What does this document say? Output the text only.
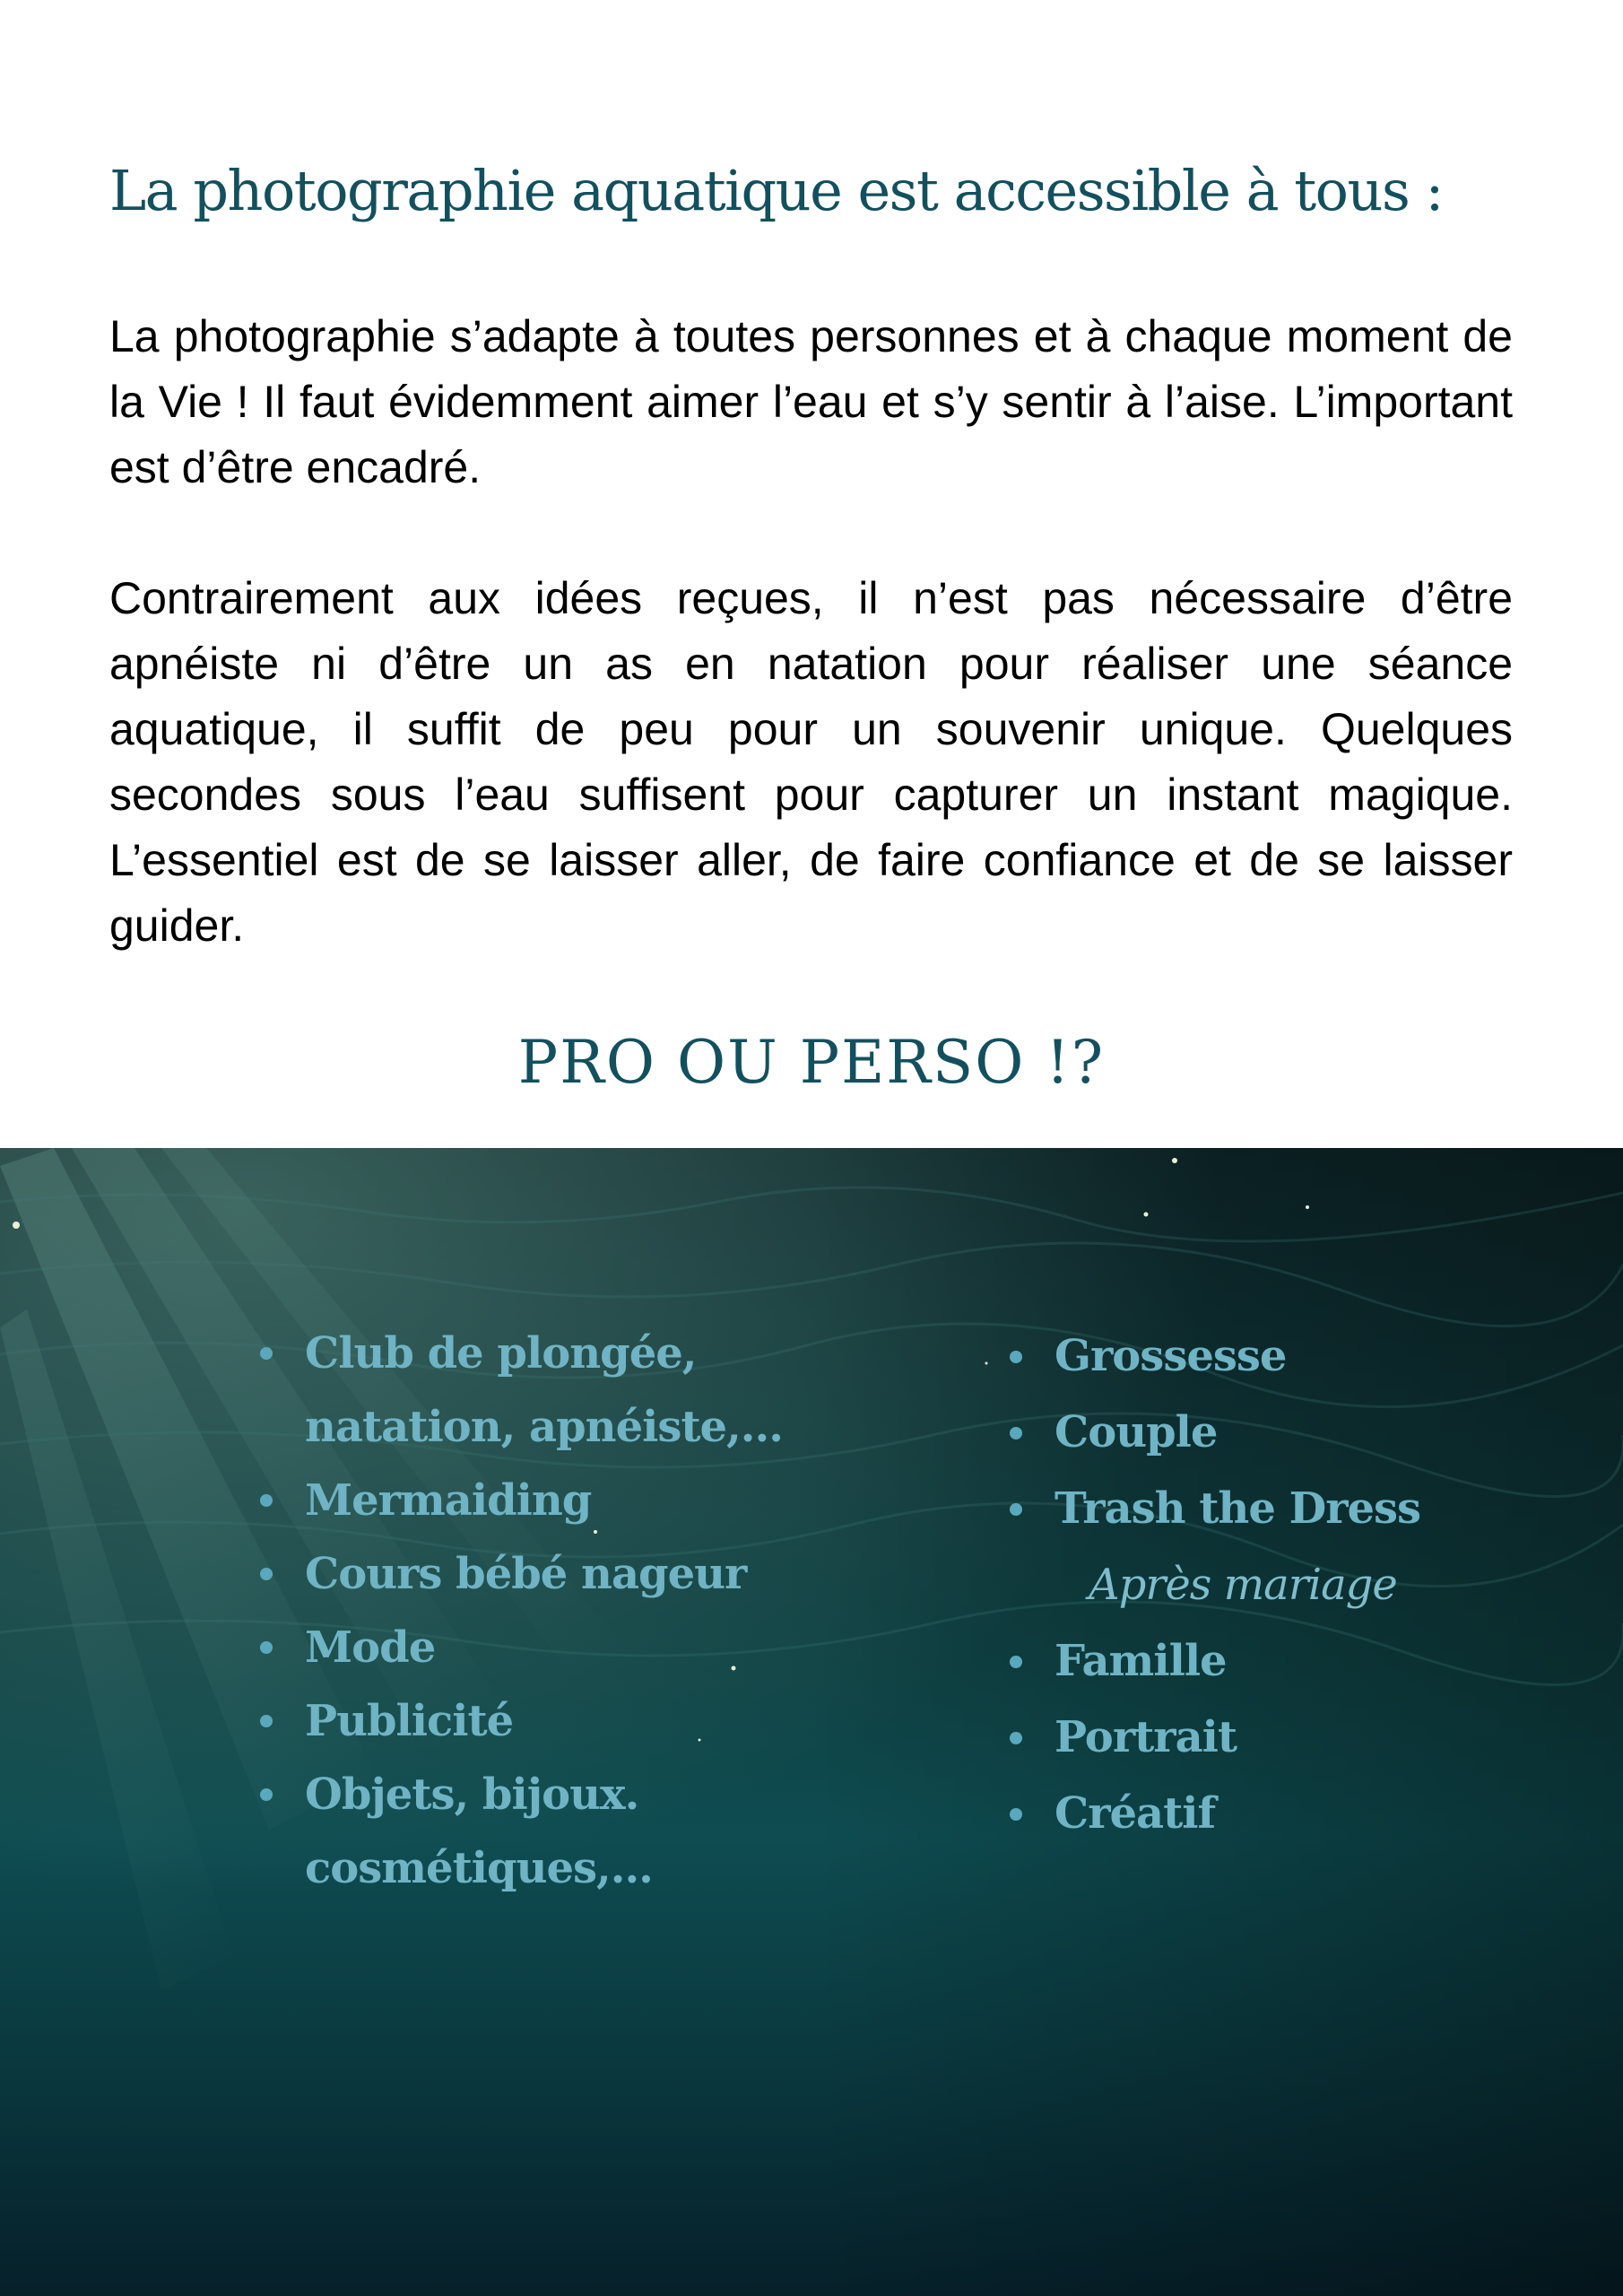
La photographie aquatique est accessible à tous :

La photographie s’adapte à toutes personnes et à chaque moment de la Vie ! Il faut évidemment aimer l’eau et s’y sentir à l’aise. L’important est d’être encadré.

Contrairement aux idées reçues, il n’est pas nécessaire d’être apnéiste ni d’être un as en natation pour réaliser une séance aquatique, il suffit de peu pour un souvenir unique. Quelques secondes sous l’eau suffisent pour capturer un instant magique. L’essentiel est de se laisser aller, de faire confiance et de se laisser guider.

PRO OU PERSO !?
Club de plongée, natation, apnéiste,...
Mermaiding
Cours bébé nageur
Mode
Publicité
Objets, bijoux. cosmétiques,...
Grossesse
Couple
Trash the Dress
Après mariage
Famille
Portrait
Créatif
